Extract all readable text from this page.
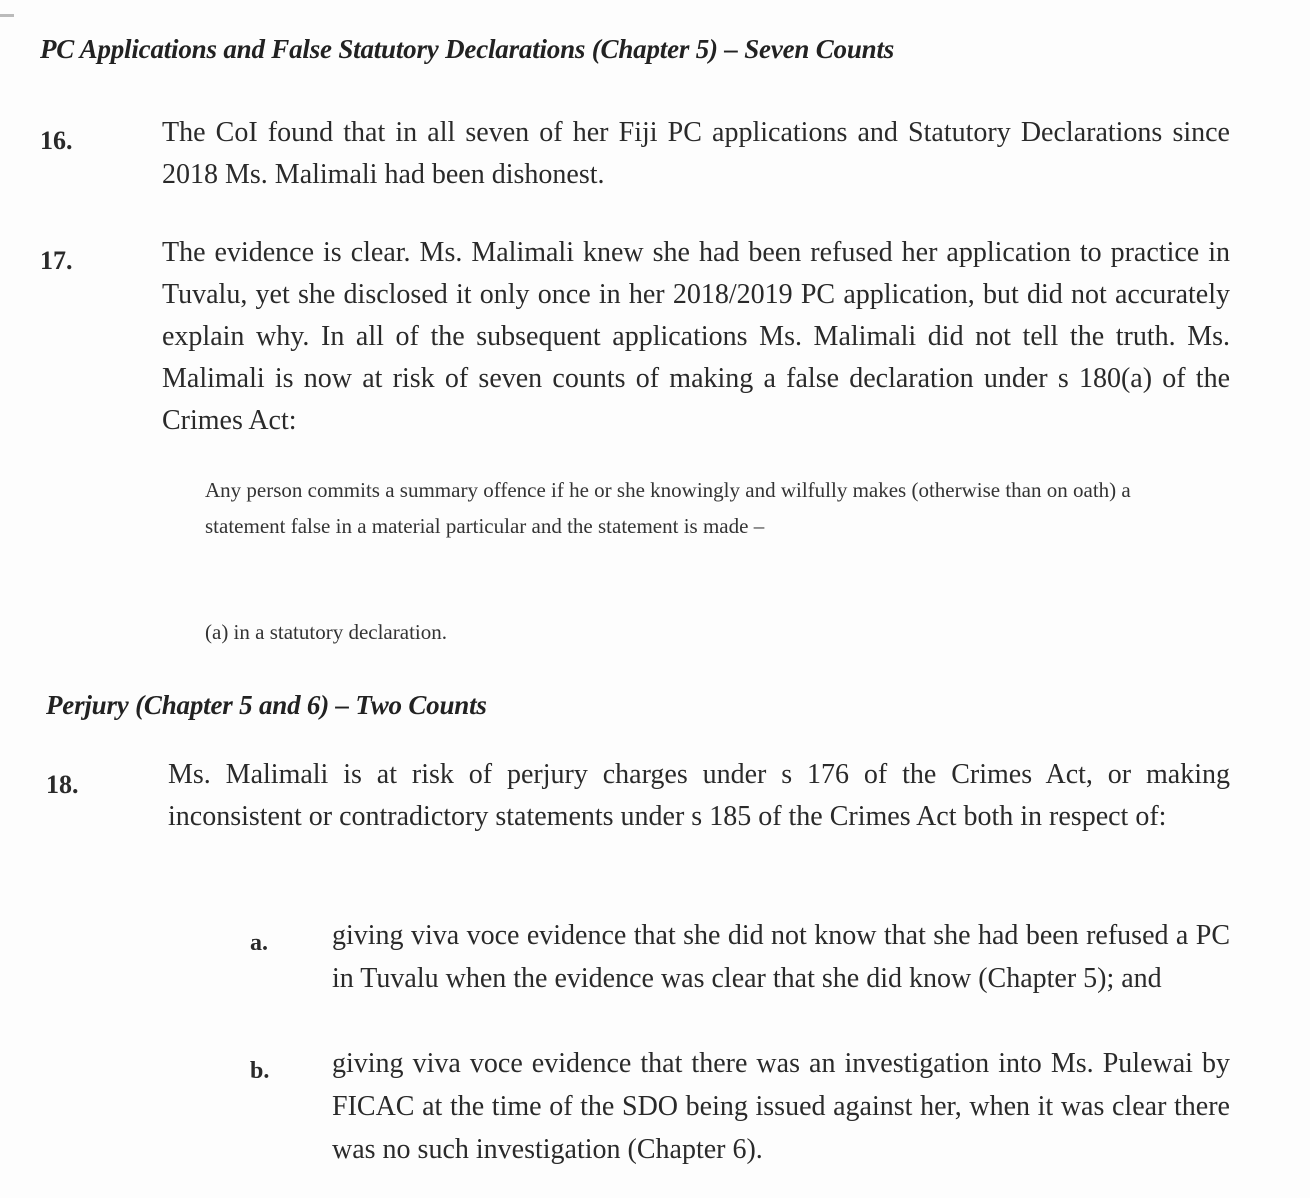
PC Applications and False Statutory Declarations (Chapter 5) – Seven Counts
16.	The CoI found that in all seven of her Fiji PC applications and Statutory Declarations since 2018 Ms. Malimali had been dishonest.
17.	The evidence is clear. Ms. Malimali knew she had been refused her application to practice in Tuvalu, yet she disclosed it only once in her 2018/2019 PC application, but did not accurately explain why. In all of the subsequent applications Ms. Malimali did not tell the truth. Ms. Malimali is now at risk of seven counts of making a false declaration under s 180(a) of the Crimes Act:
Any person commits a summary offence if he or she knowingly and wilfully makes (otherwise than on oath) a statement false in a material particular and the statement is made –
(a) in a statutory declaration.
Perjury (Chapter 5 and 6) – Two Counts
18.	Ms. Malimali is at risk of perjury charges under s 176 of the Crimes Act, or making inconsistent or contradictory statements under s 185 of the Crimes Act both in respect of:
a. giving viva voce evidence that she did not know that she had been refused a PC in Tuvalu when the evidence was clear that she did know (Chapter 5); and
b. giving viva voce evidence that there was an investigation into Ms. Pulewai by FICAC at the time of the SDO being issued against her, when it was clear there was no such investigation (Chapter 6).
